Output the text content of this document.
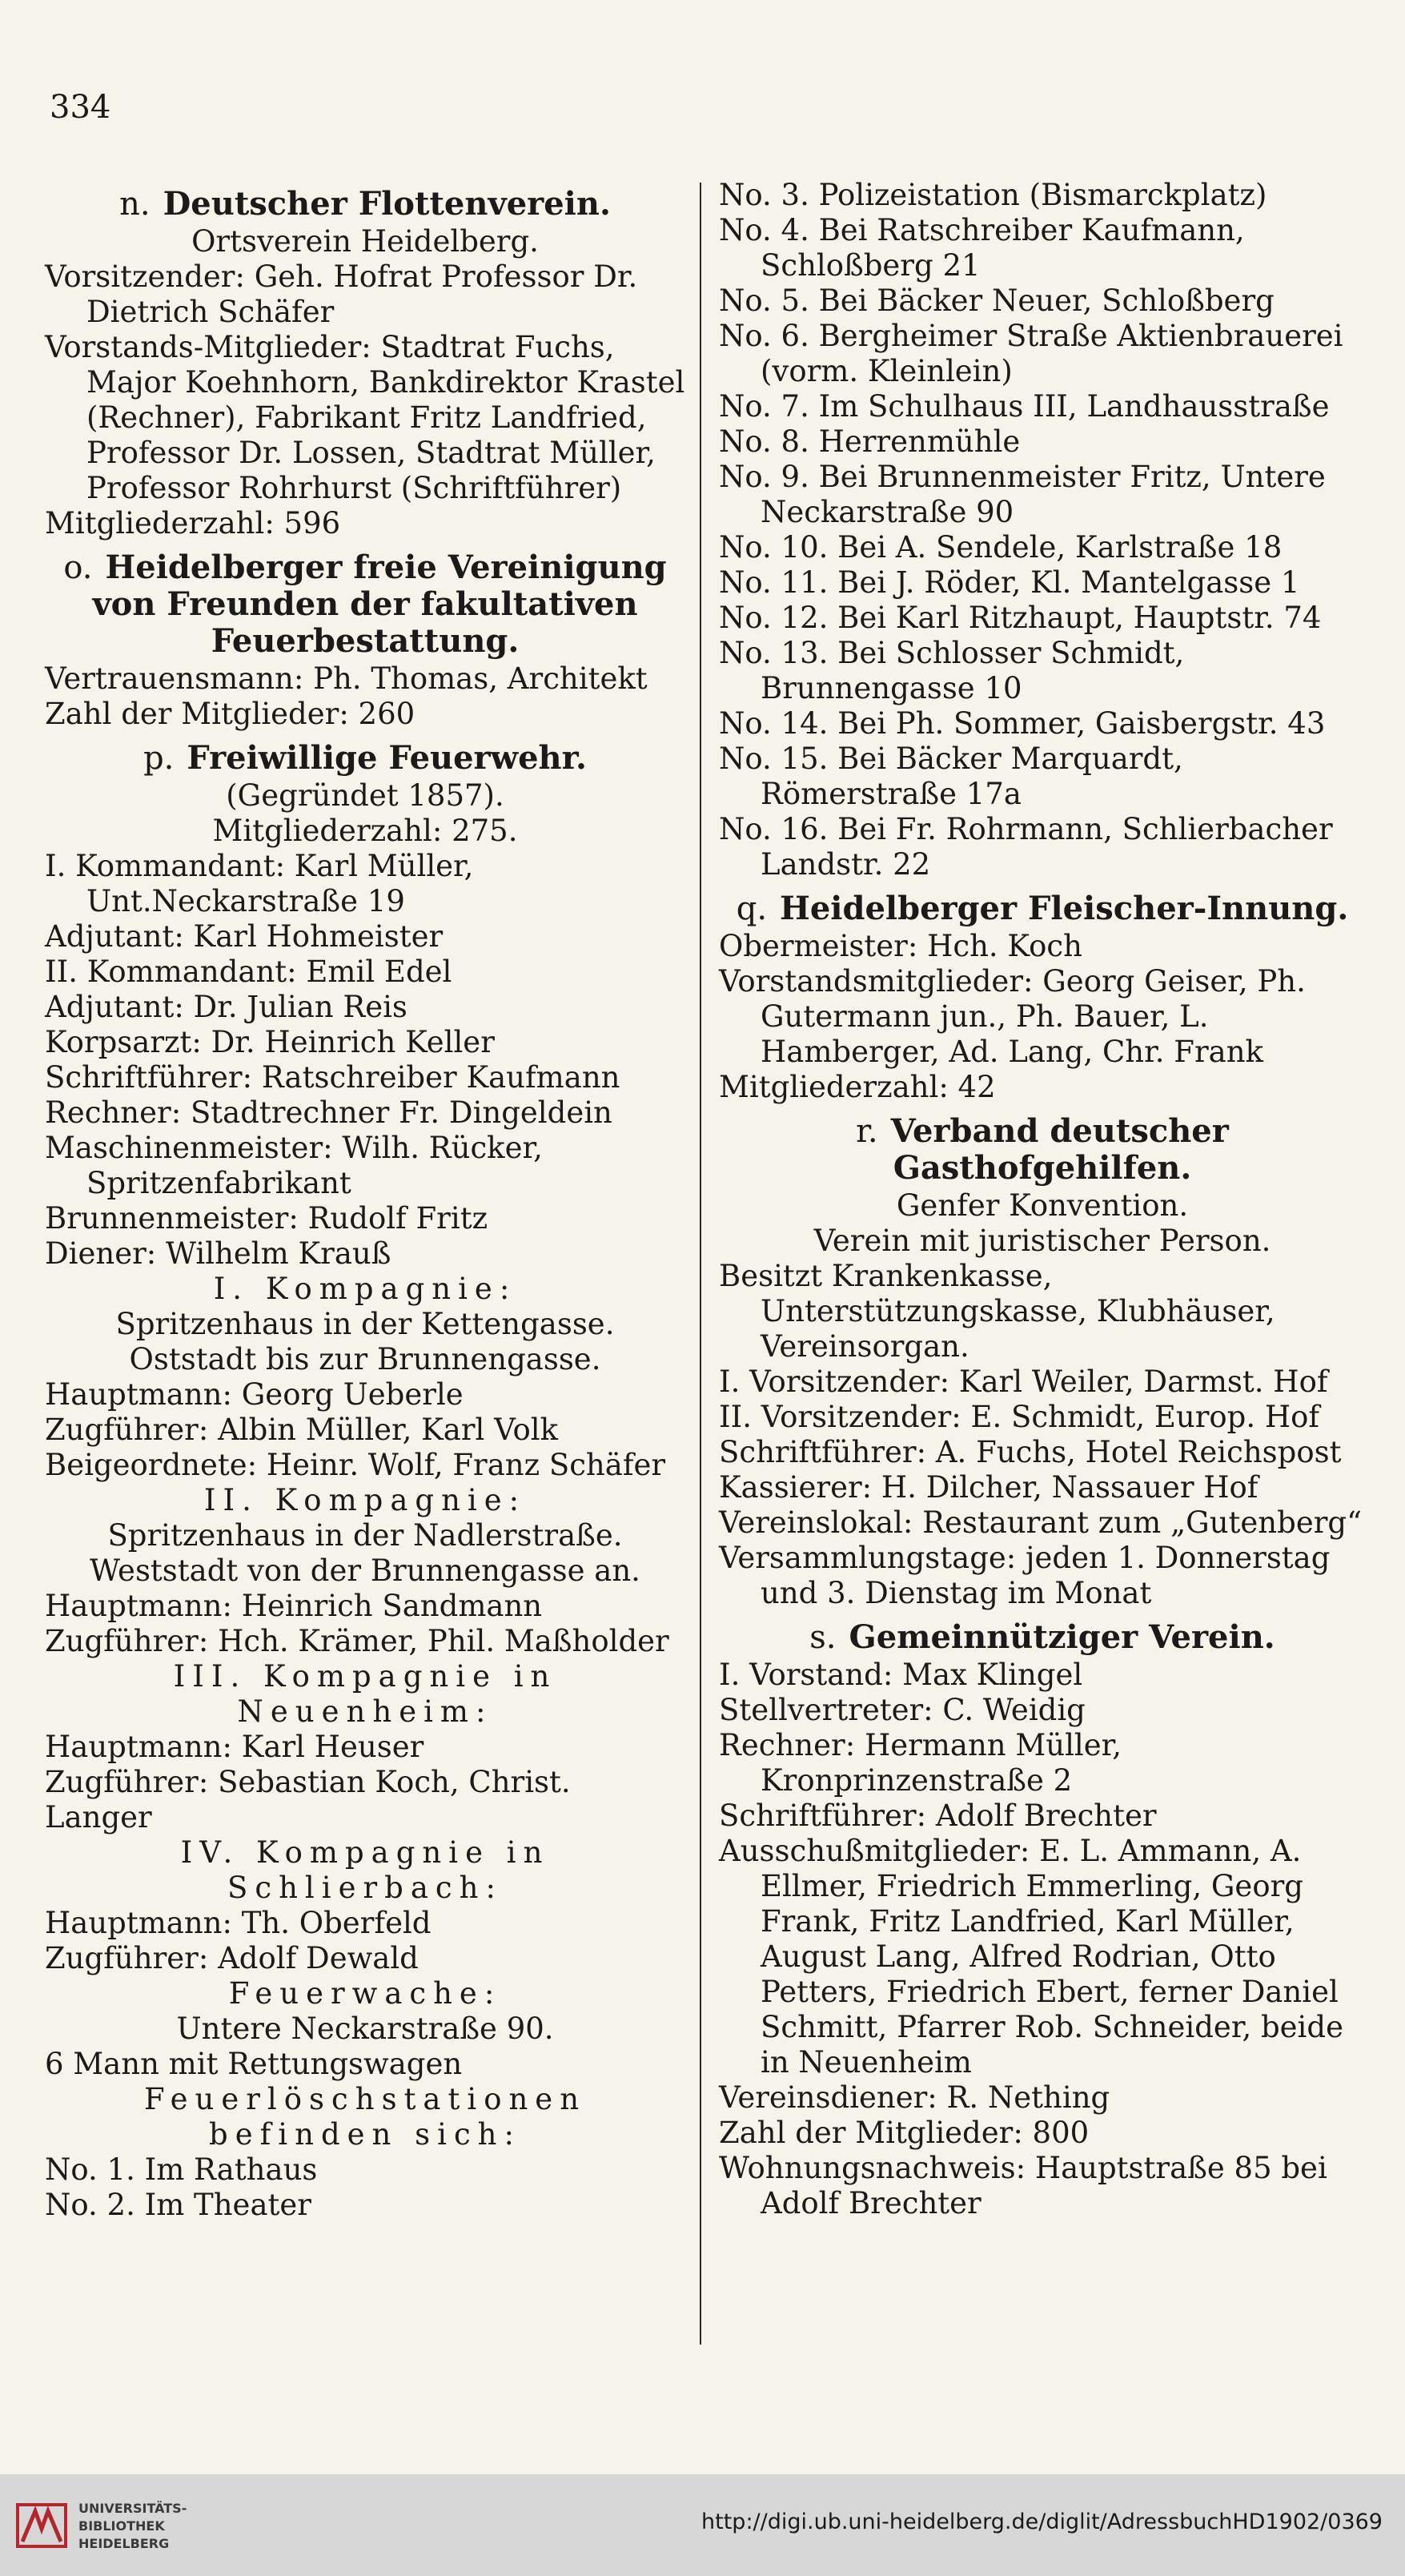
334
n. Deutscher Flottenverein.
Ortsverein Heidelberg.
Vorsitzender: Geh. Hofrat Professor Dr. Dietrich Schäfer
Vorstands-Mitglieder: Stadtrat Fuchs, Major Koehnhorn, Bankdirektor Krastel (Rechner), Fabrikant Fritz Landfried, Professor Dr. Lossen, Stadtrat Müller, Professor Rohrhurst (Schriftführer)
Mitgliederzahl: 596
o. Heidelberger freie Vereinigung von Freunden der fakultativen Feuerbestattung.
Vertrauensmann: Ph. Thomas, Architekt
Zahl der Mitglieder: 260
p. Freiwillige Feuerwehr.
(Gegründet 1857).
Mitgliederzahl: 275.
I. Kommandant: Karl Müller, Unt.Neckarstraße 19
Adjutant: Karl Hohmeister
II. Kommandant: Emil Edel
Adjutant: Dr. Julian Reis
Korpsarzt: Dr. Heinrich Keller
Schriftführer: Ratschreiber Kaufmann
Rechner: Stadtrechner Fr. Dingeldein
Maschinenmeister: Wilh. Rücker, Spritzenfabrikant
Brunnenmeister: Rudolf Fritz
Diener: Wilhelm Krauß
I. Kompagnie:
Spritzenhaus in der Kettengasse.
Oststadt bis zur Brunnengasse.
Hauptmann: Georg Ueberle
Zugführer: Albin Müller, Karl Volk
Beigeordnete: Heinr. Wolf, Franz Schäfer
II. Kompagnie:
Spritzenhaus in der Nadlerstraße.
Weststadt von der Brunnengasse an.
Hauptmann: Heinrich Sandmann
Zugführer: Hch. Krämer, Phil. Maßholder
III. Kompagnie in Neuenheim:
Hauptmann: Karl Heuser
Zugführer: Sebastian Koch, Christ. Langer
IV. Kompagnie in Schlierbach:
Hauptmann: Th. Oberfeld
Zugführer: Adolf Dewald
Feuerwache:
Untere Neckarstraße 90.
6 Mann mit Rettungswagen
Feuerlöschstationen befinden sich:
No. 1. Im Rathaus
No. 2. Im Theater
No. 3. Polizeistation (Bismarckplatz)
No. 4. Bei Ratschreiber Kaufmann, Schloßberg 21
No. 5. Bei Bäcker Neuer, Schloßberg
No. 6. Bergheimer Straße Aktienbrauerei (vorm. Kleinlein)
No. 7. Im Schulhaus III, Landhausstraße
No. 8. Herrenmühle
No. 9. Bei Brunnenmeister Fritz, Untere Neckarstraße 90
No. 10. Bei A. Sendele, Karlstraße 18
No. 11. Bei J. Röder, Kl. Mantelgasse 1
No. 12. Bei Karl Ritzhaupt, Hauptstr. 74
No. 13. Bei Schlosser Schmidt, Brunnengasse 10
No. 14. Bei Ph. Sommer, Gaisbergstr. 43
No. 15. Bei Bäcker Marquardt, Römerstraße 17a
No. 16. Bei Fr. Rohrmann, Schlierbacher Landstr. 22
q. Heidelberger Fleischer-Innung.
Obermeister: Hch. Koch
Vorstandsmitglieder: Georg Geiser, Ph. Gutermann jun., Ph. Bauer, L. Hamberger, Ad. Lang, Chr. Frank
Mitgliederzahl: 42
r. Verband deutscher Gasthofgehilfen.
Genfer Konvention.
Verein mit juristischer Person.
Besitzt Krankenkasse, Unterstützungskasse, Klubhäuser, Vereinsorgan.
I. Vorsitzender: Karl Weiler, Darmst. Hof
II. Vorsitzender: E. Schmidt, Europ. Hof
Schriftführer: A. Fuchs, Hotel Reichspost
Kassierer: H. Dilcher, Nassauer Hof
Vereinslokal: Restaurant zum „Gutenberg“
Versammlungstage: jeden 1. Donnerstag und 3. Dienstag im Monat
s. Gemeinnütziger Verein.
I. Vorstand: Max Klingel
Stellvertreter: C. Weidig
Rechner: Hermann Müller, Kronprinzenstraße 2
Schriftführer: Adolf Brechter
Ausschußmitglieder: E. L. Ammann, A. Ellmer, Friedrich Emmerling, Georg Frank, Fritz Landfried, Karl Müller, August Lang, Alfred Rodrian, Otto Petters, Friedrich Ebert, ferner Daniel Schmitt, Pfarrer Rob. Schneider, beide in Neuenheim
Vereinsdiener: R. Nething
Zahl der Mitglieder: 800
Wohnungsnachweis: Hauptstraße 85 bei Adolf Brechter
UNIVERSITÄTS-
BIBLIOTHEK
HEIDELBERG
http://digi.ub.uni-heidelberg.de/diglit/AdressbuchHD1902/0369
